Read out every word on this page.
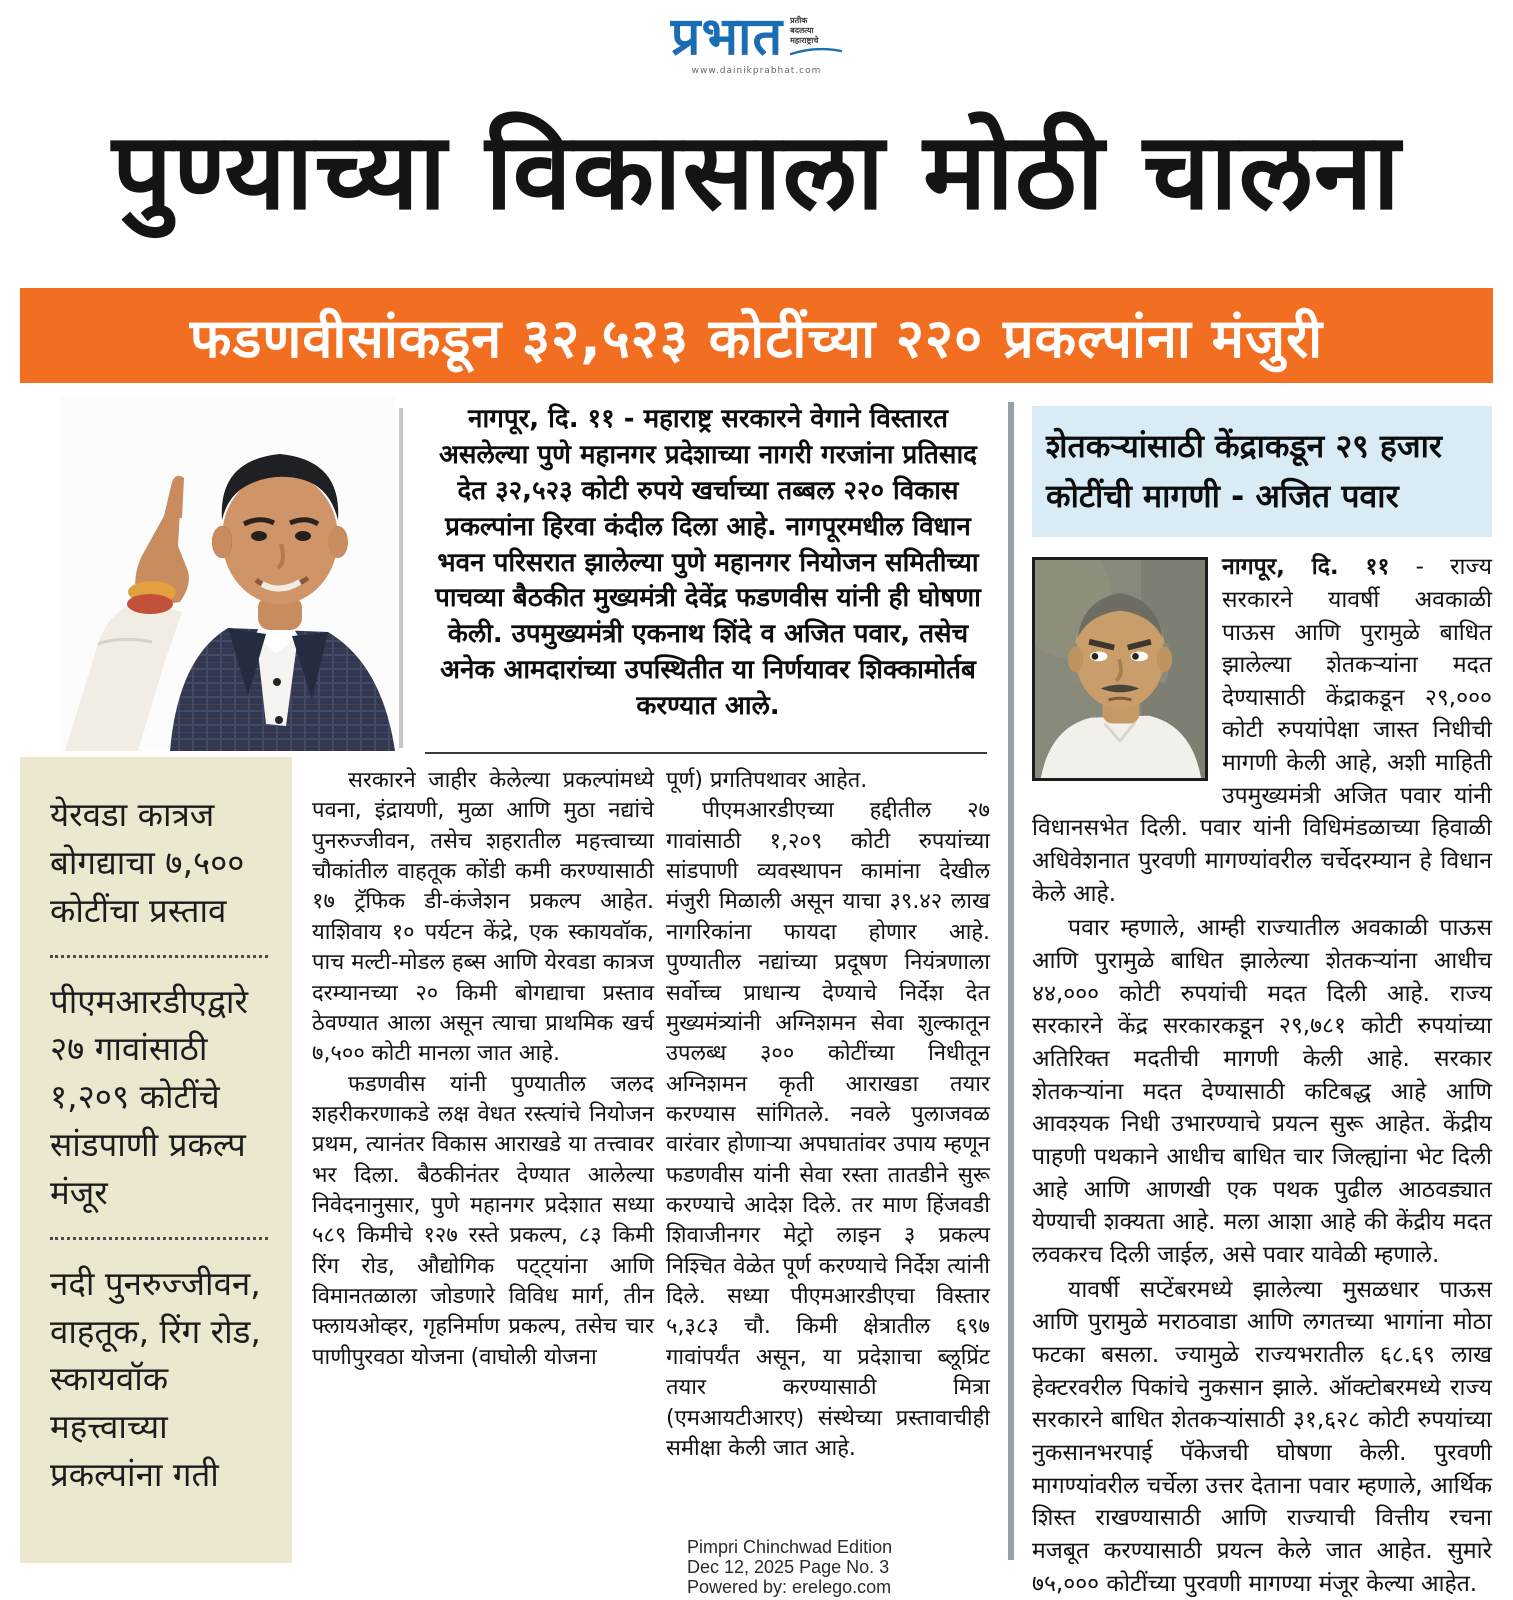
प्रभात प्रतीक
बदलत्या
महाराष्ट्राचे
www.dainikprabhat.com
पुण्याच्या विकासाला मोठी चालना
फडणवीसांकडून ३२,५२३ कोटींच्या २२० प्रकल्पांना मंजुरी
नागपूर, दि. ११ - महाराष्ट्र सरकारने वेगाने विस्तारत असलेल्या पुणे महानगर प्रदेशाच्या नागरी गरजांना प्रतिसाद देत ३२,५२३ कोटी रुपये खर्चाच्या तब्बल २२० विकास प्रकल्पांना हिरवा कंदील दिला आहे. नागपूरमधील विधान भवन परिसरात झालेल्या पुणे महानगर नियोजन समितीच्या पाचव्या बैठकीत मुख्यमंत्री देवेंद्र फडणवीस यांनी ही घोषणा केली. उपमुख्यमंत्री एकनाथ शिंदे व अजित पवार, तसेच अनेक आमदारांच्या उपस्थितीत या निर्णयावर शिक्कामोर्तब करण्यात आले.
येरवडा कात्रज बोगद्याचा ७,५०० कोटींचा प्रस्ताव
पीएमआरडीएद्वारे २७ गावांसाठी १,२०९ कोटींचे सांडपाणी प्रकल्प मंजूर
नदी पुनरुज्जीवन, वाहतूक, रिंग रोड, स्कायवॉक महत्त्वाच्या प्रकल्पांना गती

सरकारने जाहीर केलेल्या प्रकल्पांमध्ये पवना, इंद्रायणी, मुळा आणि मुठा नद्यांचे पुनरुज्जीवन, तसेच शहरातील महत्त्वाच्या चौकांतील वाहतूक कोंडी कमी करण्यासाठी १७ ट्रॅफिक डी-कंजेशन प्रकल्प आहेत. याशिवाय १० पर्यटन केंद्रे, एक स्कायवॉक, पाच मल्टी-मोडल हब्स आणि येरवडा कात्रज दरम्यानच्या २० किमी बोगद्याचा प्रस्ताव ठेवण्यात आला असून त्याचा प्राथमिक खर्च ७,५०० कोटी मानला जात आहे.

फडणवीस यांनी पुण्यातील जलद शहरीकरणाकडे लक्ष वेधत रस्त्यांचे नियोजन प्रथम, त्यानंतर विकास आराखडे या तत्त्वावर भर दिला. बैठकीनंतर देण्यात आलेल्या निवेदनानुसार, पुणे महानगर प्रदेशात सध्या ५८९ किमीचे १२७ रस्ते प्रकल्प, ८३ किमी रिंग रोड, औद्योगिक पट्ट्यांना आणि विमानतळाला जोडणारे विविध मार्ग, तीन फ्लायओव्हर, गृहनिर्माण प्रकल्प, तसेच चार पाणीपुरवठा योजना (वाघोली योजना

पूर्ण) प्रगतिपथावर आहेत.

पीएमआरडीएच्या हद्दीतील २७ गावांसाठी १,२०९ कोटी रुपयांच्या सांडपाणी व्यवस्थापन कामांना देखील मंजुरी मिळाली असून याचा ३९.४२ लाख नागरिकांना फायदा होणार आहे. पुण्यातील नद्यांच्या प्रदूषण नियंत्रणाला सर्वोच्च प्राधान्य देण्याचे निर्देश देत मुख्यमंत्र्यांनी अग्निशमन सेवा शुल्कातून उपलब्ध ३०० कोटींच्या निधीतून अग्निशमन कृती आराखडा तयार करण्यास सांगितले. नवले पुलाजवळ वारंवार होणाऱ्या अपघातांवर उपाय म्हणून फडणवीस यांनी सेवा रस्ता तातडीने सुरू करण्याचे आदेश दिले. तर माण हिंजवडी शिवाजीनगर मेट्रो लाइन ३ प्रकल्प निश्चित वेळेत पूर्ण करण्याचे निर्देश त्यांनी दिले. सध्या पीएमआरडीएचा विस्तार ५,३८३ चौ. किमी क्षेत्रातील ६९७ गावांपर्यंत असून, या प्रदेशाचा ब्लूप्रिंट तयार करण्यासाठी मित्रा (एमआयटीआरए) संस्थेच्या प्रस्तावाचीही समीक्षा केली जात आहे.

शेतकऱ्यांसाठी केंद्राकडून २९ हजार कोटींची मागणी - अजित पवार

नागपूर, दि. ११ - राज्य सरकारने यावर्षी अवकाळी पाऊस आणि पुरामुळे बाधित झालेल्या शेतकऱ्यांना मदत देण्यासाठी केंद्राकडून २९,००० कोटी रुपयांपेक्षा जास्त निधीची मागणी केली आहे, अशी माहिती उपमुख्यमंत्री अजित पवार यांनी विधानसभेत दिली. पवार यांनी विधिमंडळाच्या हिवाळी अधिवेशनात पुरवणी मागण्यांवरील चर्चेदरम्यान हे विधान केले आहे.

पवार म्हणाले, आम्ही राज्यातील अवकाळी पाऊस आणि पुरामुळे बाधित झालेल्या शेतकऱ्यांना आधीच ४४,००० कोटी रुपयांची मदत दिली आहे. राज्य सरकारने केंद्र सरकारकडून २९,७८१ कोटी रुपयांच्या अतिरिक्त मदतीची मागणी केली आहे. सरकार शेतकऱ्यांना मदत देण्यासाठी कटिबद्ध आहे आणि आवश्यक निधी उभारण्याचे प्रयत्न सुरू आहेत. केंद्रीय पाहणी पथकाने आधीच बाधित चार जिल्ह्यांना भेट दिली आहे आणि आणखी एक पथक पुढील आठवड्यात येण्याची शक्यता आहे. मला आशा आहे की केंद्रीय मदत लवकरच दिली जाईल, असे पवार यावेळी म्हणाले.

यावर्षी सप्टेंबरमध्ये झालेल्या मुसळधार पाऊस आणि पुरामुळे मराठवाडा आणि लगतच्या भागांना मोठा फटका बसला. ज्यामुळे राज्यभरातील ६८.६९ लाख हेक्टरवरील पिकांचे नुकसान झाले. ऑक्टोबरमध्ये राज्य सरकारने बाधित शेतकऱ्यांसाठी ३१,६२८ कोटी रुपयांच्या नुकसानभरपाई पॅकेजची घोषणा केली. पुरवणी मागण्यांवरील चर्चेला उत्तर देताना पवार म्हणाले, आर्थिक शिस्त राखण्यासाठी आणि राज्याची वित्तीय रचना मजबूत करण्यासाठी प्रयत्न केले जात आहेत. सुमारे ७५,००० कोटींच्या पुरवणी मागण्या मंजूर केल्या आहेत.

Pimpri Chinchwad Edition
Dec 12, 2025 Page No. 3
Powered by: erelego.com
